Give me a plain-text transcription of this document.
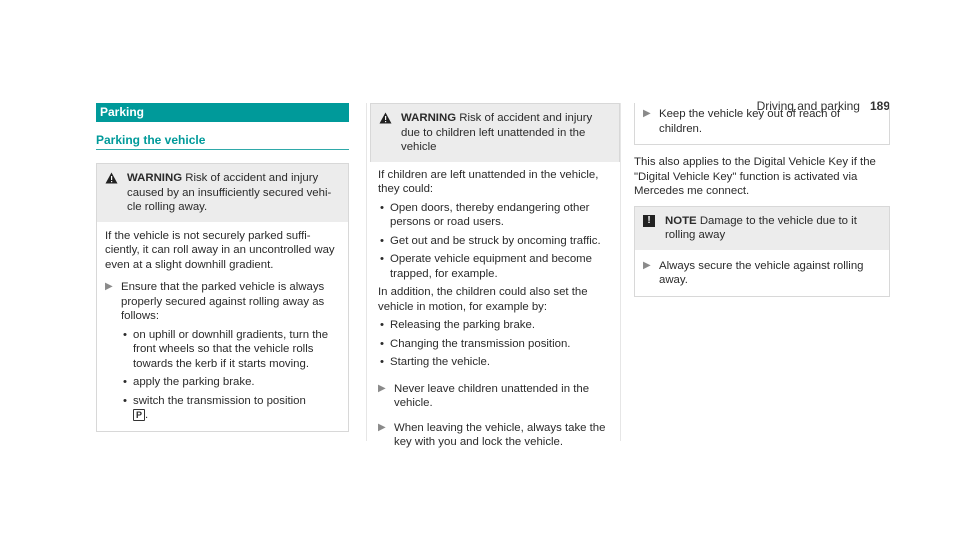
Driving and parking 189
Parking
Parking the vehicle
WARNING Risk of accident and injury caused by an insufficiently secured vehicle rolling away.

If the vehicle is not securely parked sufficiently, it can roll away in an uncontrolled way even at a slight downhill gradient.

▶ Ensure that the parked vehicle is always properly secured against rolling away as follows:
• on uphill or downhill gradients, turn the front wheels so that the vehicle rolls towards the kerb if it starts moving.
• apply the parking brake.
• switch the transmission to position
P .
WARNING Risk of accident and injury due to children left unattended in the vehicle

If children are left unattended in the vehicle, they could:

• Open doors, thereby endangering other persons or road users.
• Get out and be struck by oncoming traffic.
• Operate vehicle equipment and become trapped, for example.

In addition, the children could also set the vehicle in motion, for example by:

• Releasing the parking brake.
• Changing the transmission position.
• Starting the vehicle.
▶ Never leave children unattended in the vehicle.
▶ When leaving the vehicle, always take the key with you and lock the vehicle.
▶ Keep the vehicle key out of reach of children.

This also applies to the Digital Vehicle Key if the "Digital Vehicle Key" function is activated via Mercedes me connect.

!	NOTE Damage to the vehicle due to it rolling away
▶ Always secure the vehicle against rolling away.
